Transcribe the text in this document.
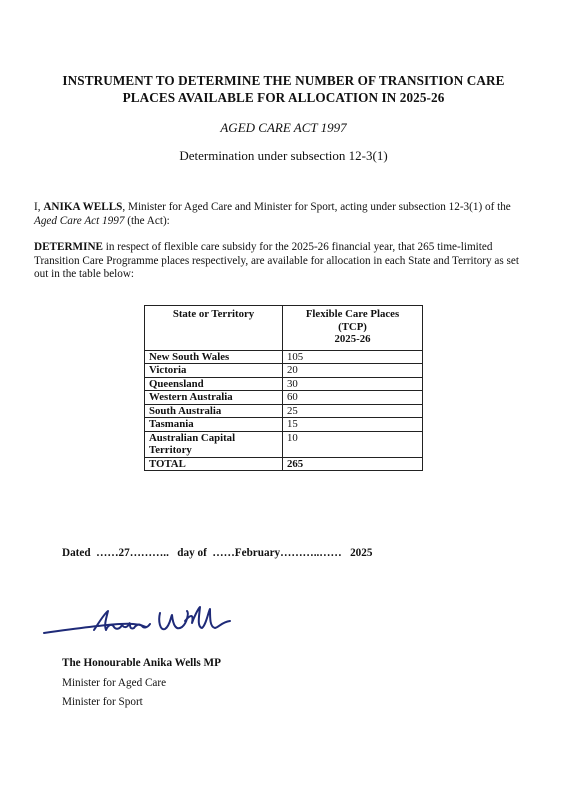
INSTRUMENT TO DETERMINE THE NUMBER OF TRANSITION CARE
PLACES AVAILABLE FOR ALLOCATION IN 2025-26
AGED CARE ACT 1997
Determination under subsection 12-3(1)
I, ANIKA WELLS, Minister for Aged Care and Minister for Sport, acting under subsection 12-3(1) of the Aged Care Act 1997 (the Act):
DETERMINE in respect of flexible care subsidy for the 2025-26 financial year, that 265 time-limited Transition Care Programme places respectively, are available for allocation in each State and Territory as set out in the table below:
State or Territory	Flexible Care Places
(TCP)
2025-26

New South Wales	105
Victoria	20
Queensland	30
Western Australia	60
South Australia	25
Tasmania	15
Australian Capital Territory	10
TOTAL	265
Dated  ……27………..   day of  ……February………..……   2025
The Honourable Anika Wells MP
Minister for Aged Care
Minister for Sport
